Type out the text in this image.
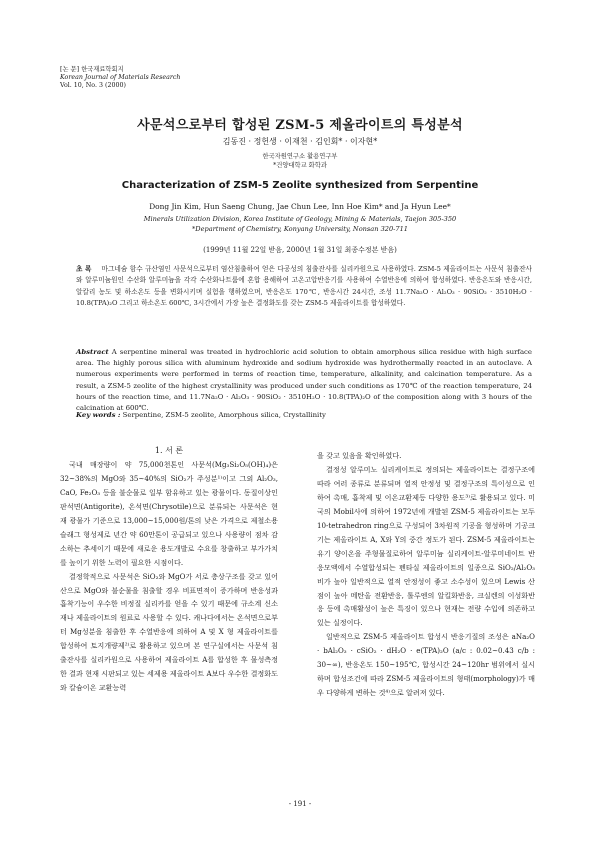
[논 문] 한국재료학회지
Korean Journal of Materials Research
Vol. 10, No. 3 (2000)
사문석으로부터 합성된 ZSM-5 제올라이트의 특성분석
김동진 · 정헌생 · 이재천 · 김인회* · 이자현*
한국자원연구소 활용연구부
*건양대학교 화학과
Characterization of ZSM-5 Zeolite synthesized from Serpentine
Dong Jin Kim, Hun Saeng Chung, Jae Chun Lee, Inn Hoe Kim* and Ja Hyun Lee*
Minerals Utilization Division, Korea Institute of Geology, Mining & Materials, Taejon 305-350
*Department of Chemistry, Konyang University, Nonsan 320-711
(1999년 11월 22일 받음, 2000년 1월 31일 최종수정본 받음)
초 록 마그네슘 함수 규산염인 사문석으로부터 염산침출하여 얻은 다공성의 침출잔사를 실리카원으로 사용하였다. ZSM-5 제올라이트는 사문석 침출잔사와 알루미늄원인 수산화 알루미늄을 각각 수산화나트륨에 혼합 용해하여 고온고압반응기를 사용하여 수열반응에 의하여 합성하였다. 반응온도와 반응시간, 알칼리 농도 및 하소온도 등을 변화시키며 실험을 행하였으며, 반응온도 170℃, 반응시간 24시간, 조성 11.7Na₂O · Al₂O₃ · 90SiO₂ · 3510H₂O · 10.8(TPA)₂O 그리고 하소온도 600℃, 3시간에서 가장 높은 결정화도를 갖는 ZSM-5 제올라이트를 합성하였다.
Abstract A serpentine mineral was treated in hydrochloric acid solution to obtain amorphous silica residue with high surface area. The highly porous silica with aluminum hydroxide and sodium hydroxide was hydrothermally reacted in an autoclave. A numerous experiments were performed in terms of reaction time, temperature, alkalinity, and calcination temperature. As a result, a ZSM-5 zeolite of the highest crystallinity was produced under such conditions as 170℃ of the reaction temperature, 24 hours of the reaction time, and 11.7Na₂O · Al₂O₃ · 90SiO₂ · 3510H₂O · 10.8(TPA)₂O of the composition along with 3 hours of the calcination at 600℃.
Key words : Serpentine, ZSM-5 zeolite, Amorphous silica, Crystallinity

1. 서 론

국내 매장량이 약 75,000천톤인 사문석(Mg₃Si₂O₅(OH)₄)은 32~38%의 MgO와 35~40%의 SiO₂가 주성분¹⁾이고 그외 Al₂O₃, CaO, Fe₂O₃ 등을 불순물로 일부 함유하고 있는 광물이다. 동질이상인 판석면(Antigorite), 온석면(Chrysotile)으로 분류되는 사문석은 현재 광물가 기준으로 13,000~15,000원/톤의 낮은 가격으로 제철소용 슬래그 형성제로 년간 약 60만톤이 공급되고 있으나 사용량이 점차 감소하는 추세이기 때문에 새로운 용도개발로 수요를 창출하고 부가가치를 높이기 위한 노력이 필요한 시점이다.

결정학적으로 사문석은 SiO₂와 MgO가 서로 층상구조를 갖고 있어 산으로 MgO와 불순물을 침출할 경우 비표면적이 증가하며 반응성과 흡착기능이 우수한 비정질 실리카를 얻을 수 있기 때문에 규소계 신소재나 제올라이트의 원료로 사용할 수 있다. 캐나다에서는 온석면으로부터 Mg성분을 침출한 후 수열반응에 의하여 A 및 X 형 제올라이트를 합성하여 토지개량제²⁾로 활용하고 있으며 본 연구실에서는 사문석 침출잔사를 실리카원으로 사용하여 제올라이트 A를 합성한 후 물성측정한 결과 현재 시판되고 있는 세제용 제올라이트 A보다 우수한 결정화도와 칼슘이온 교환능력

을 갖고 있음을 확인하였다.

결정성 알루미노 실리케이트로 정의되는 제올라이트는 결정구조에 따라 여러 종류로 분류되며 열적 안정성 및 결정구조의 특이성으로 인하여 촉매, 흡착제 및 이온교환제등 다양한 용도³⁾로 활용되고 있다. 미국의 Mobil사에 의하여 1972년에 개발된 ZSM-5 제올라이트는 모두 10-tetrahedron ring으로 구성되어 3차원적 기공을 형성하며 기공크기는 제올라이트 A, X와 Y의 중간 정도가 된다. ZSM-5 제올라이트는 유기 양이온을 주형물질로하여 알루미늄 실리케이트-알루미네이트 반응모액에서 수열합성되는 펜타실 제올라이트의 일종으로 SiO₂/Al₂O₃ 비가 높아 일반적으로 열적 안정성이 좋고 소수성이 있으며 Lewis 산점이 높아 메탄올 전환반응, 톨루엔의 알킬화반응, 크실렌의 이성화반응 등에 촉매활성이 높은 특징이 있으나 현재는 전량 수입에 의존하고 있는 실정이다.

일반적으로 ZSM-5 제올라이트 합성시 반응기질의 조성은 aNa₂O · bAl₂O₃ · cSiO₂ · dH₂O · e(TPA)₂O (a/c : 0.02~0.43 c/b : 30~∞), 반응온도 150~195℃, 합성시간 24~120hr 범위에서 실시하며 합성조건에 따라 ZSM-5 제올라이트의 형태(morphology)가 매우 다양하게 변하는 것⁴⁾으로 알려져 있다.

- 191 -
